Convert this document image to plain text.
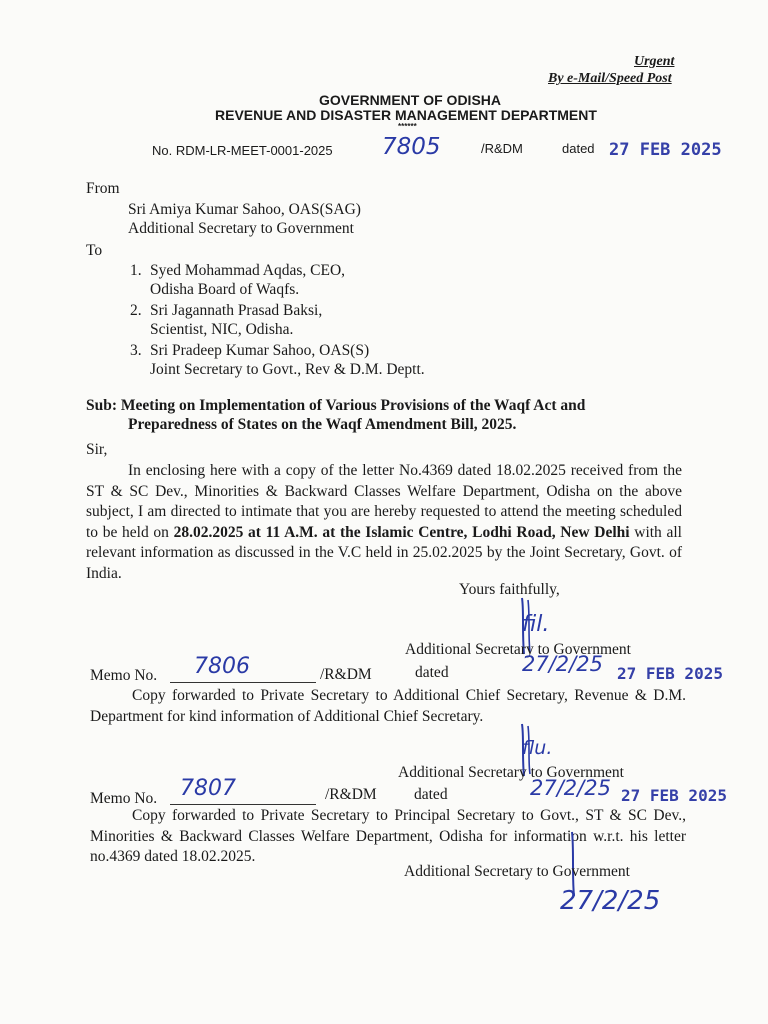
Urgent
By e-Mail/Speed Post
GOVERNMENT OF ODISHA
REVENUE AND DISASTER MANAGEMENT DEPARTMENT
******
No. RDM-LR-MEET-0001-2025 7805	/R&DM	dated 27 FEB 2025
From
Sri Amiya Kumar Sahoo, OAS(SAG)
Additional Secretary to Government
To
1. Syed Mohammad Aqdas, CEO,
Odisha Board of Waqfs.
2. Sri Jagannath Prasad Baksi,
Scientist, NIC, Odisha.
3. Sri Pradeep Kumar Sahoo, OAS(S)
Joint Secretary to Govt., Rev & D.M. Deptt.
Sub: Meeting on Implementation of Various Provisions of the Waqf Act and
Preparedness of States on the Waqf Amendment Bill, 2025.
Sir,
In enclosing here with a copy of the letter No.4369 dated 18.02.2025 received from the ST & SC Dev., Minorities & Backward Classes Welfare Department, Odisha on the above subject, I am directed to intimate that you are hereby requested to attend the meeting scheduled to be held on 28.02.2025 at 11 A.M. at the Islamic Centre, Lodhi Road, New Delhi with all relevant information as discussed in the V.C held in 25.02.2025 by the Joint Secretary, Govt. of India.
Yours faithfully,
fil.
Additional Secretary to Government
Memo No. 7806	/R&DM	dated	27/2/25 27 FEB 2025
Copy forwarded to Private Secretary to Additional Chief Secretary, Revenue & D.M. Department for kind information of Additional Chief Secretary.
flu.
Additional Secretary to Government
Memo No. 7807	/R&DM dated	27/2/25 27 FEB 2025
Copy forwarded to Private Secretary to Principal Secretary to Govt., ST & SC Dev., Minorities & Backward Classes Welfare Department, Odisha for information w.r.t. his letter no.4369 dated 18.02.2025.
Additional Secretary to Government
27/2/25
